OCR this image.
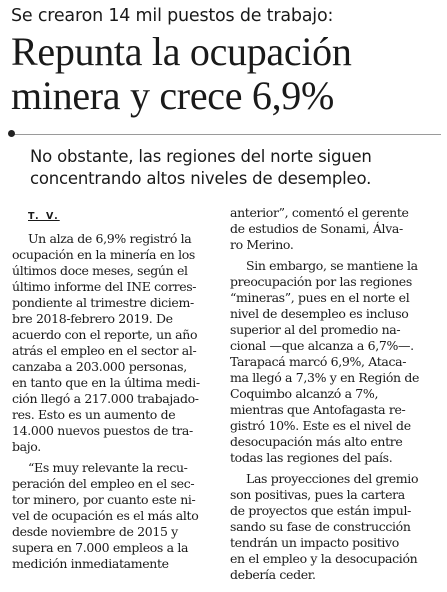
Se crearon 14 mil puestos de trabajo:
Repunta la ocupación
minera y crece 6,9%
No obstante, las regiones del norte siguen
concentrando altos niveles de desempleo.
T. V.

Un alza de 6,9% registró la
ocupación en la minería en los
últimos doce meses, según el
último informe del INE corres-
pondiente al trimestre diciem-
bre 2018-febrero 2019. De
acuerdo con el reporte, un año
atrás el empleo en el sector al-
canzaba a 203.000 personas,
en tanto que en la última medi-
ción llegó a 217.000 trabajado-
res. Esto es un aumento de
14.000 nuevos puestos de tra-
bajo.

“Es muy relevante la recu-
peración del empleo en el sec-
tor minero, por cuanto este ni-
vel de ocupación es el más alto
desde noviembre de 2015 y
supera en 7.000 empleos a la
medición inmediatamente

anterior”, comentó el gerente
de estudios de Sonami, Álva-
ro Merino.

Sin embargo, se mantiene la
preocupación por las regiones
“mineras”, pues en el norte el
nivel de desempleo es incluso
superior al del promedio na-
cional —que alcanza a 6,7%—.
Tarapacá marcó 6,9%, Ataca-
ma llegó a 7,3% y en Región de
Coquimbo alcanzó a 7%,
mientras que Antofagasta re-
gistró 10%. Este es el nivel de
desocupación más alto entre
todas las regiones del país.

Las proyecciones del gremio
son positivas, pues la cartera
de proyectos que están impul-
sando su fase de construcción
tendrán un impacto positivo
en el empleo y la desocupación
debería ceder.
